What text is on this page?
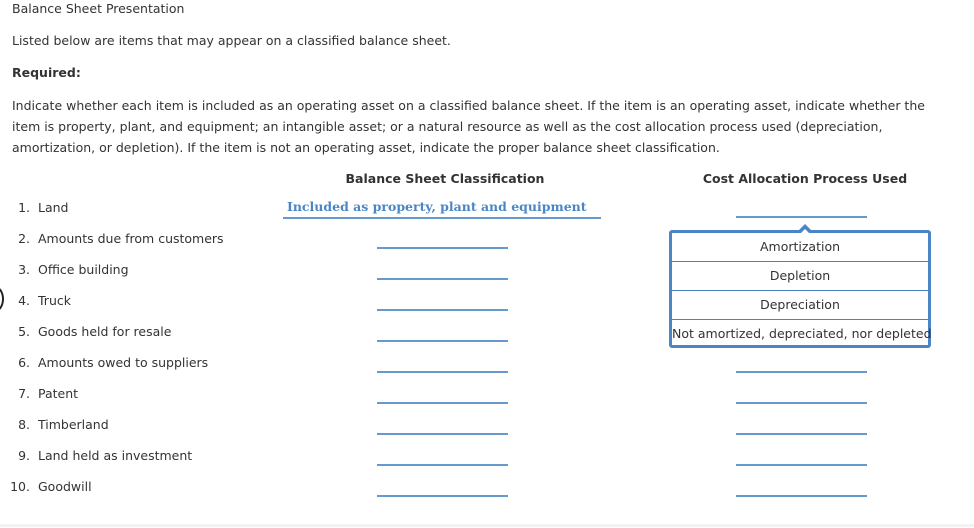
Balance Sheet Presentation
Listed below are items that may appear on a classified balance sheet.
Required:
Indicate whether each item is included as an operating asset on a classified balance sheet. If the item is an operating asset, indicate whether the item is property, plant, and equipment; an intangible asset; or a natural resource as well as the cost allocation process used (depreciation, amortization, or depletion). If the item is not an operating asset, indicate the proper balance sheet classification.
Balance Sheet Classification	Cost Allocation Process Used
1. Land
2. Amounts due from customers
3. Office building
4. Truck
5. Goods held for resale
6. Amounts owed to suppliers
7. Patent
8. Timberland
9. Land held as investment
10. Goodwill
Included as property, plant and equipment
Amortization
Depletion
Depreciation
Not amortized, depreciated, nor depleted
